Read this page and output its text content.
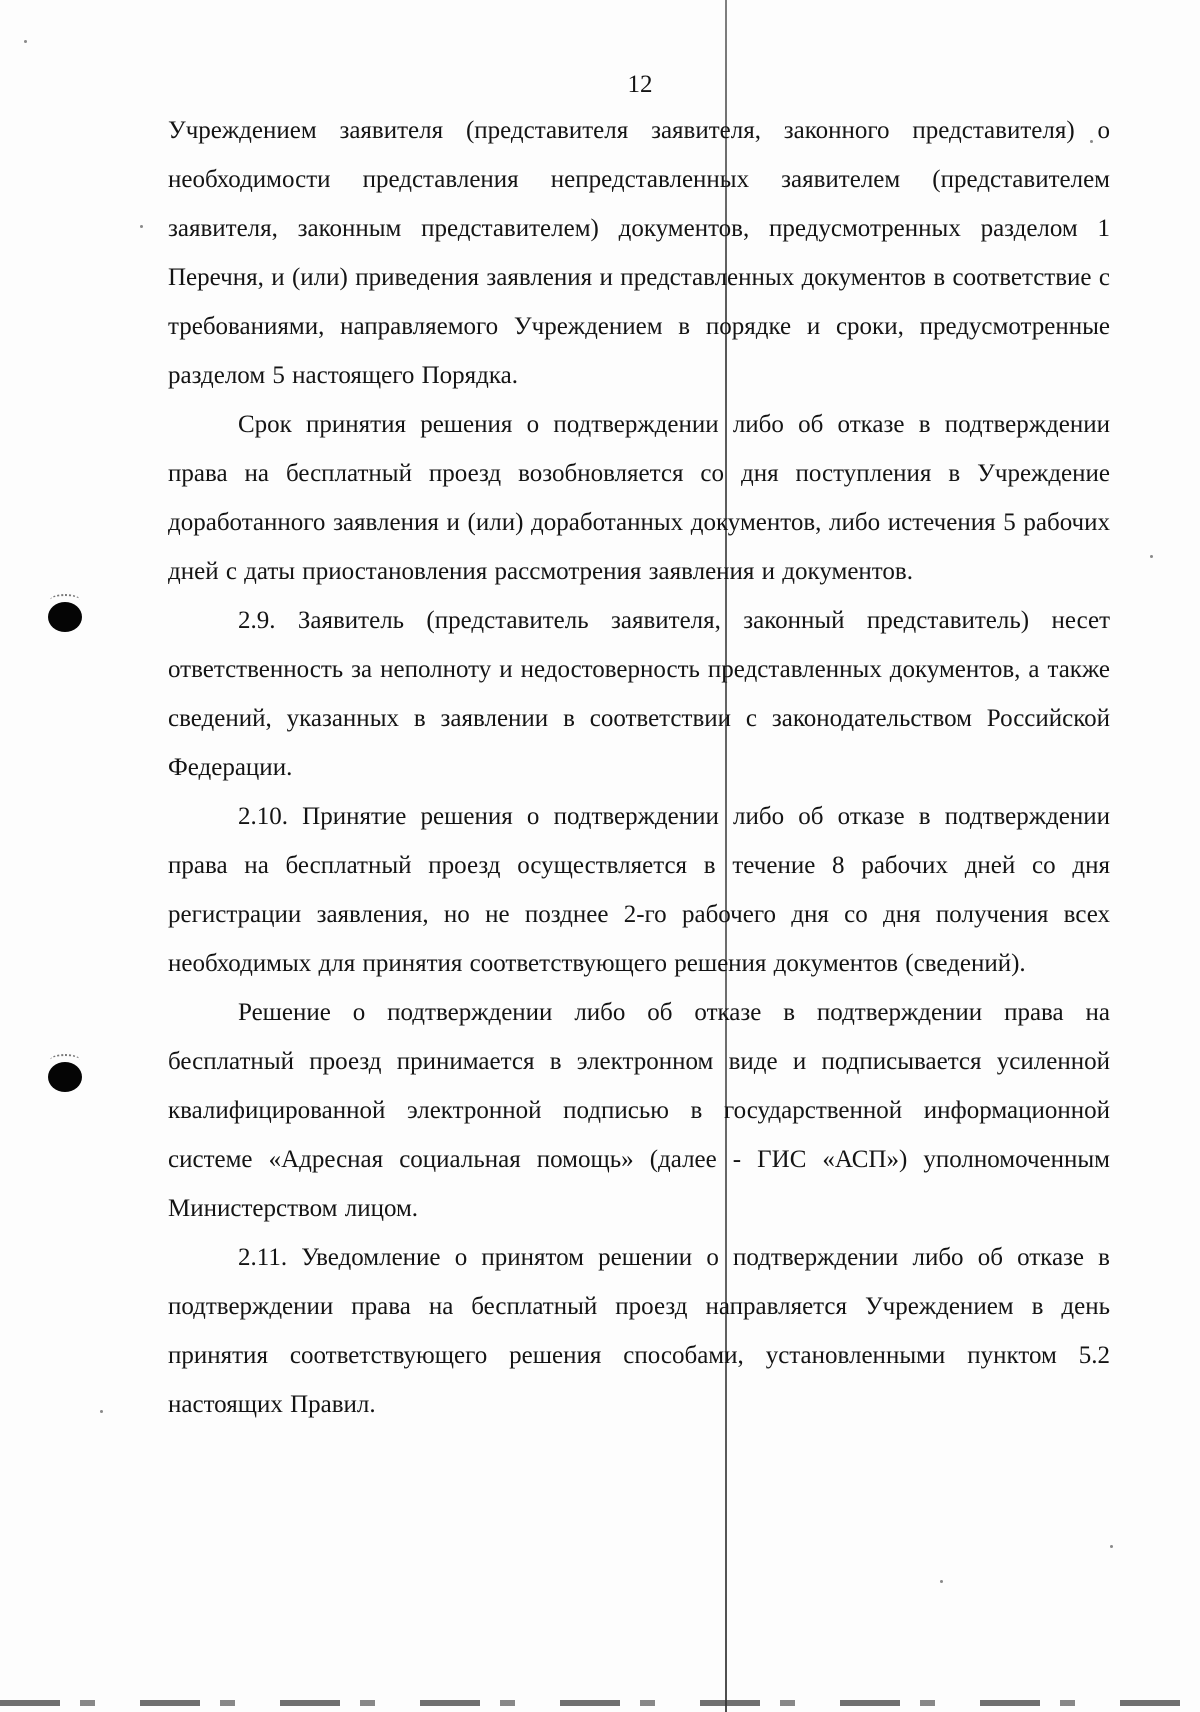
12

Учреждением заявителя (представителя заявителя, законного представителя) о необходимости представления непредставленных заявителем (представителем заявителя, законным представителем) документов, предусмотренных разделом 1 Перечня, и (или) приведения заявления и представленных документов в соответствие с требованиями, направляемого Учреждением в порядке и сроки, предусмотренные разделом 5 настоящего Порядка.

Срок принятия решения о подтверждении либо об отказе в подтверждении права на бесплатный проезд возобновляется со дня поступления в Учреждение доработанного заявления и (или) доработанных документов, либо истечения 5 рабочих дней с даты приостановления рассмотрения заявления и документов.

2.9. Заявитель (представитель заявителя, законный представитель) несет ответственность за неполноту и недостоверность представленных документов, а также сведений, указанных в заявлении в соответствии с законодательством Российской Федерации.

2.10. Принятие решения о подтверждении либо об отказе в подтверждении права на бесплатный проезд осуществляется в течение 8 рабочих дней со дня регистрации заявления, но не позднее 2-го рабочего дня со дня получения всех необходимых для принятия соответствующего решения документов (сведений).

Решение о подтверждении либо об отказе в подтверждении права на бесплатный проезд принимается в электронном виде и подписывается усиленной квалифицированной электронной подписью в государственной информационной системе «Адресная социальная помощь» (далее - ГИС «АСП») уполномоченным Министерством лицом.

2.11. Уведомление о принятом решении о подтверждении либо об отказе в подтверждении права на бесплатный проезд направляется Учреждением в день принятия соответствующего решения способами, установленными пунктом 5.2 настоящих Правил.
